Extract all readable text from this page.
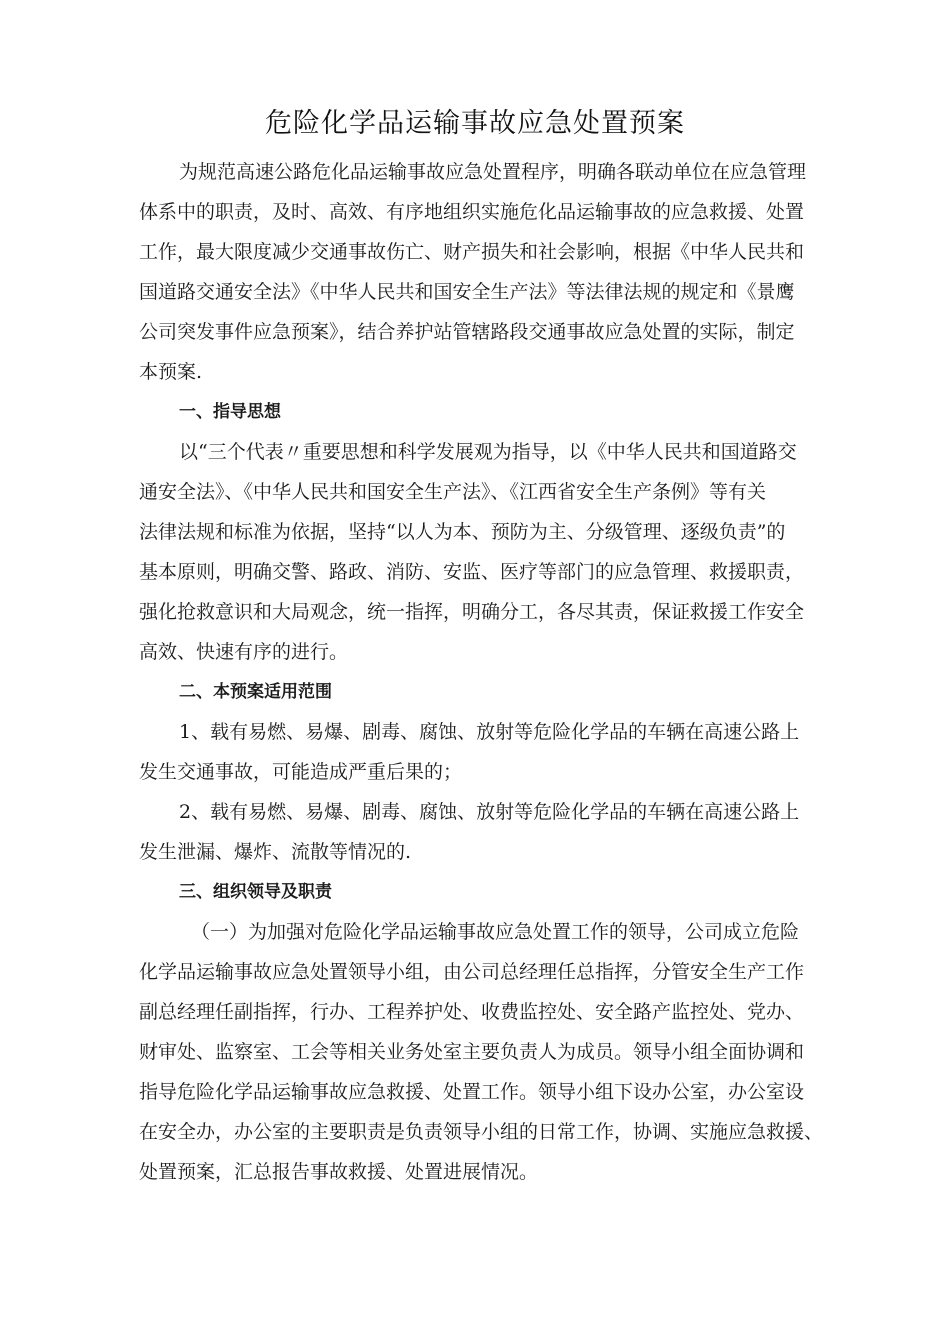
危险化学品运输事故应急处置预案
为规范高速公路危化品运输事故应急处置程序，明确各联动单位在应急管理
体系中的职责，及时、高效、有序地组织实施危化品运输事故的应急救援、处置
工作，最大限度减少交通事故伤亡、财产损失和社会影响，根据《中华人民共和
国道路交通安全法》《中华人民共和国安全生产法》等法律法规的规定和《景鹰
公司突发事件应急预案》，结合养护站管辖路段交通事故应急处置的实际，制定
本预案.
一、指导思想
以“三个代表〃重要思想和科学发展观为指导，以《中华人民共和国道路交
通安全法》、《中华人民共和国安全生产法》、《江西省安全生产条例》等有关
法律法规和标准为依据，坚持“以人为本、预防为主、分级管理、逐级负责”的
基本原则，明确交警、路政、消防、安监、医疗等部门的应急管理、救援职责，
强化抢救意识和大局观念，统一指挥，明确分工，各尽其责，保证救援工作安全
高效、快速有序的进行。
二、本预案适用范围
1、载有易燃、易爆、剧毒、腐蚀、放射等危险化学品的车辆在高速公路上
发生交通事故，可能造成严重后果的；
2、载有易燃、易爆、剧毒、腐蚀、放射等危险化学品的车辆在高速公路上
发生泄漏、爆炸、流散等情况的.
三、组织领导及职责
（一）为加强对危险化学品运输事故应急处置工作的领导，公司成立危险
化学品运输事故应急处置领导小组，由公司总经理任总指挥，分管安全生产工作
副总经理任副指挥，行办、工程养护处、收费监控处、安全路产监控处、党办、
财审处、监察室、工会等相关业务处室主要负责人为成员。领导小组全面协调和
指导危险化学品运输事故应急救援、处置工作。领导小组下设办公室，办公室设
在安全办，办公室的主要职责是负责领导小组的日常工作，协调、实施应急救援、
处置预案，汇总报告事故救援、处置进展情况。
